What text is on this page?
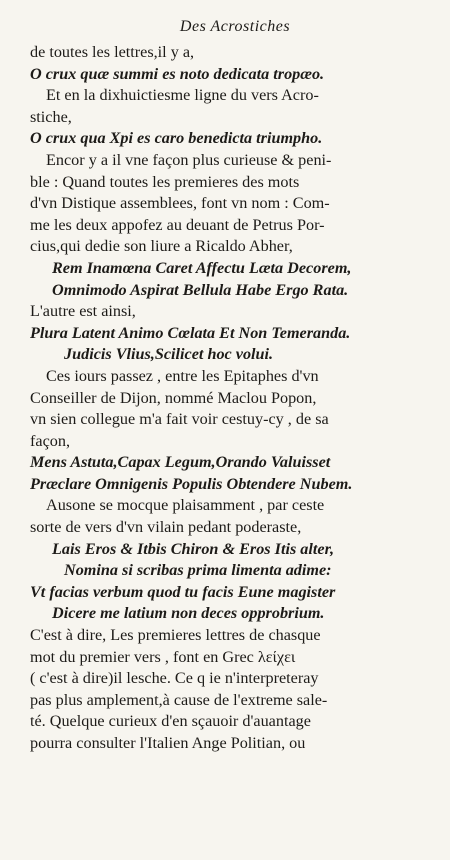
Des Acrostiches
de toutes les lettres,il y a,
O crux quæ summi es noto dedicata tropæo.
Et en la dixhuictiesme ligne du vers Acro-
stiche,
O crux qua Xpi es caro benedicta triumpho.
Encor y a il vne façon plus curieuse & peni-
ble : Quand toutes les premieres des mots
d'vn Distique assemblees, font vn nom : Com-
me les deux appofez au deuant de Petrus Por-
cius,qui dedie son liure a Ricaldo Abher,
Rem Inamœna Caret Affectu Læta Decorem,
Omnimodo Aspirat Bellula Habe Ergo Rata.
L'autre est ainsi,
Plura Latent Animo Cœlata Et Non Temeranda.
Judicis Vlius,Scilicet hoc volui.
Ces iours passez , entre les Epitaphes d'vn
Conseiller de Dijon, nommé Maclou Popon,
vn sien collegue m'a fait voir cestuy-cy , de sa
façon,
Mens Astuta,Capax Legum,Orando Valuisset
Præclare Omnigenis Populis Obtendere Nubem.
Ausone se mocque plaisamment , par ceste
sorte de vers d'vn vilain pedant poderaste,
Lais Eros & Itbis Chiron & Eros Itis alter,
Nomina si scribas prima limenta adime:
Vt facias verbum quod tu facis Eune magister
Dicere me latium non deces opprobrium.
C'est à dire, Les premieres lettres de chasque
mot du premier vers , font en Grec λείχει
( c'est à dire)il lesche. Ce q ie n'interpreteray
pas plus amplement,à cause de l'extreme sale-
té. Quelque curieux d'en sçauoir d'auantage
pourra consulter l'Italien Ange Politian, ou
